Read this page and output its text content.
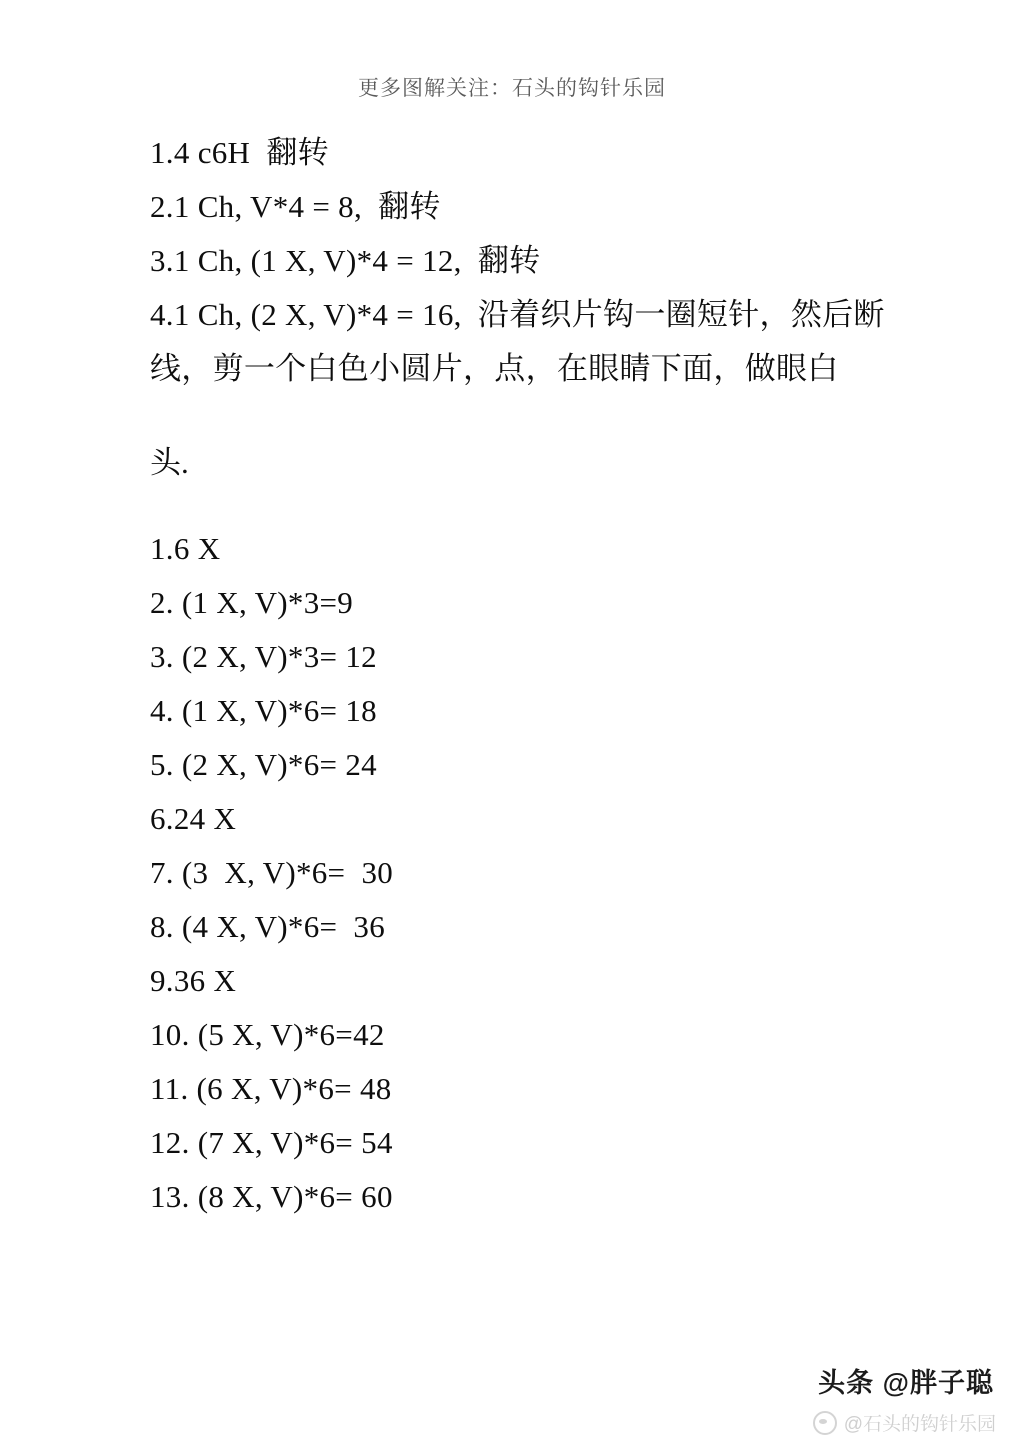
更多图解关注：石头的钩针乐园
1.4 c6H  翻转
2.1 Ch, V*4 = 8,  翻转
3.1 Ch, (1 X, V)*4 = 12,  翻转
4.1 Ch, (2 X, V)*4 = 16,  沿着织片钩一圈短针，然后断线，剪一个白色小圆片，点，在眼睛下面，做眼白
头.
1.6 X
2. (1 X, V)*3=9
3. (2 X, V)*3= 12
4. (1 X, V)*6= 18
5. (2 X, V)*6= 24
6.24 X
7. (3  X, V)*6=  30
8. (4 X, V)*6=  36
9.36 X
10. (5 X, V)*6=42
11. (6 X, V)*6= 48
12. (7 X, V)*6= 54
13. (8 X, V)*6= 60
头条 @胖子聪
@石头的钩针乐园
